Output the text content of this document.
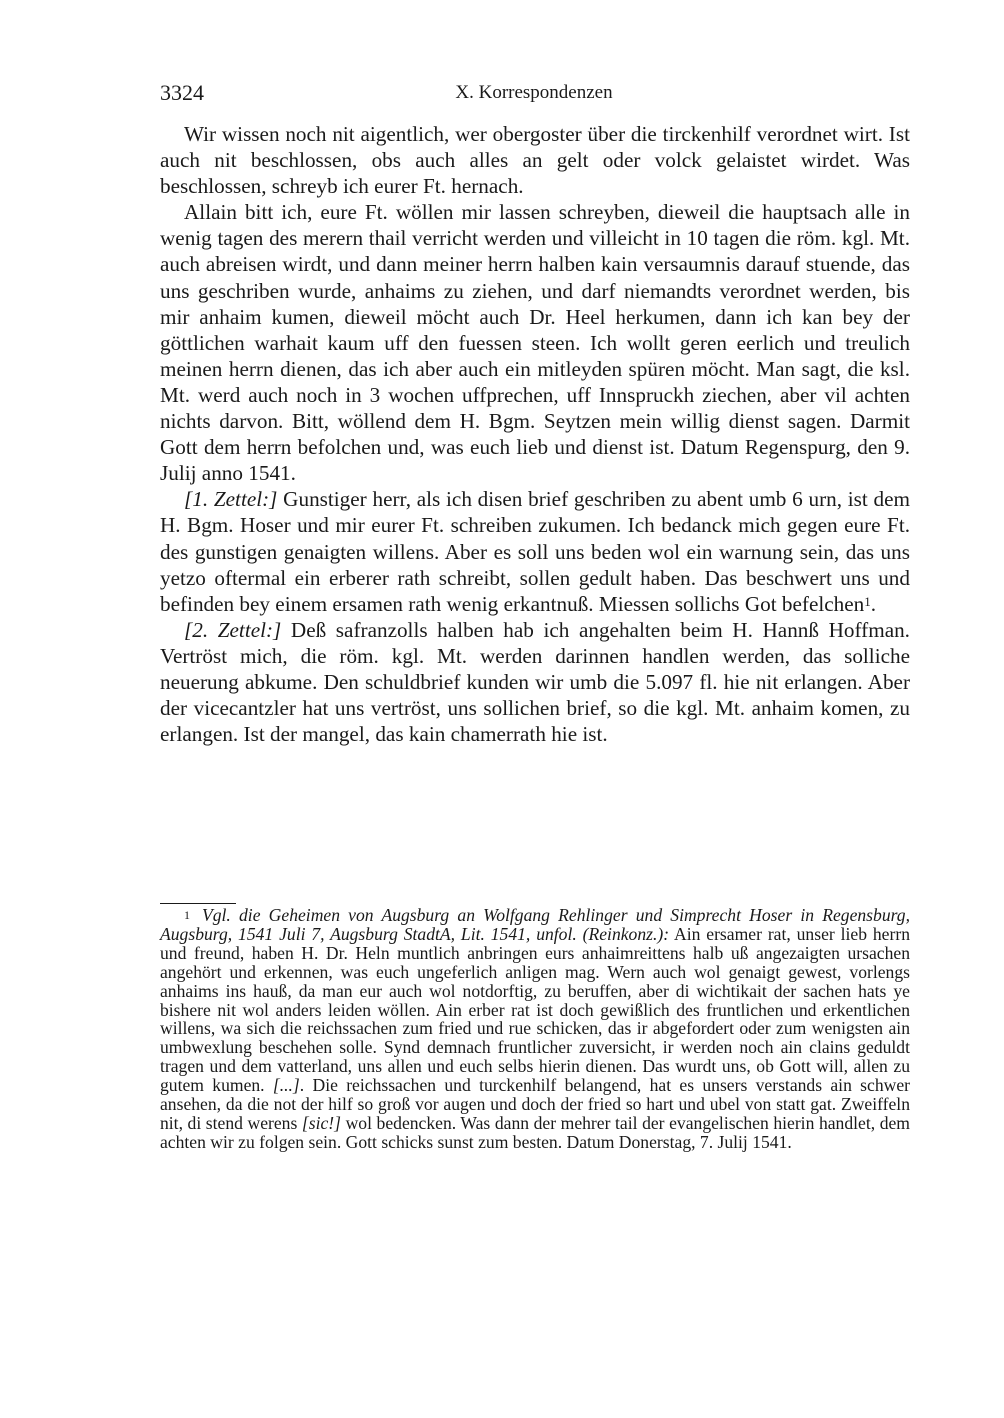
3324	X. Korrespondenzen

Wir wissen noch nit aigentlich, wer obergoster über die tirckenhilf verordnet wirt. Ist auch nit beschlossen, obs auch alles an gelt oder volck gelaistet wirdet. Was beschlossen, schreyb ich eurer Ft. hernach.

Allain bitt ich, eure Ft. wöllen mir lassen schreyben, dieweil die hauptsach alle in wenig tagen des merern thail verricht werden und villeicht in 10 tagen die röm. kgl. Mt. auch abreisen wirdt, und dann meiner herrn halben kain versaumnis darauf stuende, das uns geschriben wurde, anhaims zu ziehen, und darf niemandts verordnet werden, bis mir anhaim kumen, dieweil möcht auch Dr. Heel herkumen, dann ich kan bey der göttlichen warhait kaum uff den fuessen steen. Ich wollt geren eerlich und treulich meinen herrn dienen, das ich aber auch ein mitleyden spüren möcht. Man sagt, die ksl. Mt. werd auch noch in 3 wochen uffprechen, uff Innspruckh ziechen, aber vil achten nichts darvon. Bitt, wöllend dem H. Bgm. Seytzen mein willig dienst sagen. Darmit Gott dem herrn befolchen und, was euch lieb und dienst ist. Datum Regenspurg, den 9. Julij anno 1541.

[1. Zettel:] Gunstiger herr, als ich disen brief geschriben zu abent umb 6 urn, ist dem H. Bgm. Hoser und mir eurer Ft. schreiben zukumen. Ich bedanck mich gegen eure Ft. des gunstigen genaigten willens. Aber es soll uns beden wol ein warnung sein, das uns yetzo oftermal ein erberer rath schreibt, sollen gedult haben. Das beschwert uns und befinden bey einem ersamen rath wenig erkantnuß. Miessen sollichs Got befelchen$^1$.

[2. Zettel:] Deß safranzolls halben hab ich angehalten beim H. Hannß Hoffman. Vertröst mich, die röm. kgl. Mt. werden darinnen handlen werden, das solliche neuerung abkume. Den schuldbrief kunden wir umb die 5.097 fl. hie nit erlangen. Aber der vicecantzler hat uns vertröst, uns sollichen brief, so die kgl. Mt. anhaim komen, zu erlangen. Ist der mangel, das kain chamerrath hie ist.

$^1$ Vgl. die Geheimen von Augsburg an Wolfgang Rehlinger und Simprecht Hoser in Regensburg, Augsburg, 1541 Juli 7, Augsburg StadtA, Lit. 1541, unfol. (Reinkonz.): Ain ersamer rat, unser lieb herrn und freund, haben H. Dr. Heln muntlich anbringen eurs anhaimreittens halb uß angezaigten ursachen angehört und erkennen, was euch ungeferlich anligen mag. Wern auch wol genaigt gewest, vorlengs anhaims ins hauß, da man eur auch wol notdorftig, zu beruffen, aber di wichtikait der sachen hats ye bishere nit wol anders leiden wöllen. Ain erber rat ist doch gewißlich des fruntlichen und erkentlichen willens, wa sich die reichssachen zum fried und rue schicken, das ir abgefordert oder zum wenigsten ain umbwexlung beschehen solle. Synd demnach fruntlicher zuversicht, ir werden noch ain clains geduldt tragen und dem vatterland, uns allen und euch selbs hierin dienen. Das wurdt uns, ob Gott will, allen zu gutem kumen. [...]. Die reichssachen und turckenhilf belangend, hat es unsers verstands ain schwer ansehen, da die not der hilf so groß vor augen und doch der fried so hart und ubel von statt gat. Zweiffeln nit, di stend werens [sic!] wol bedencken. Was dann der mehrer tail der evangelischen hierin handlet, dem achten wir zu folgen sein. Gott schicks sunst zum besten. Datum Donerstag, 7. Julij 1541.
